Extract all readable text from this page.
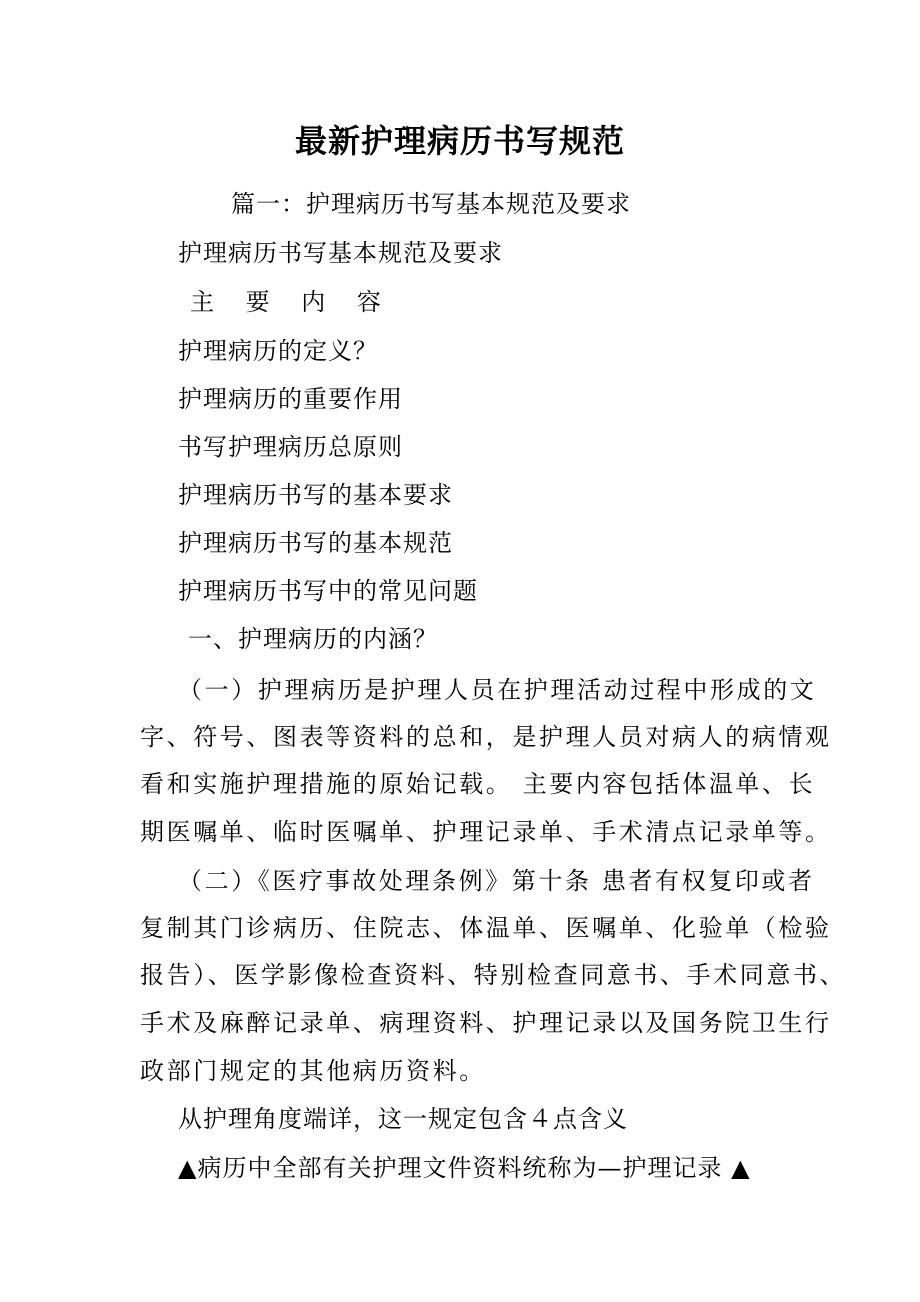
最新护理病历书写规范

篇一：护理病历书写基本规范及要求

护理病历书写基本规范及要求

主 要 内 容

护理病历的定义？

护理病历的重要作用

书写护理病历总原则

护理病历书写的基本要求

护理病历书写的基本规范

护理病历书写中的常见问题

一、护理病历的内涵？

（一）护理病历是护理人员在护理活动过程中形成的文

字、符号、图表等资料的总和，是护理人员对病人的病情观

看和实施护理措施的原始记载。 主要内容包括体温单、长

期医嘱单、临时医嘱单、护理记录单、手术清点记录单等。

（二）《医疗事故处理条例》第十条 患者有权复印或者

复制其门诊病历、住院志、体温单、医嘱单、化验单（检验

报告）、医学影像检查资料、特别检查同意书、手术同意书、

手术及麻醉记录单、病理资料、护理记录以及国务院卫生行

政部门规定的其他病历资料。

从护理角度端详，这一规定包含４点含义

▲病历中全部有关护理文件资料统称为—护理记录 ▲
